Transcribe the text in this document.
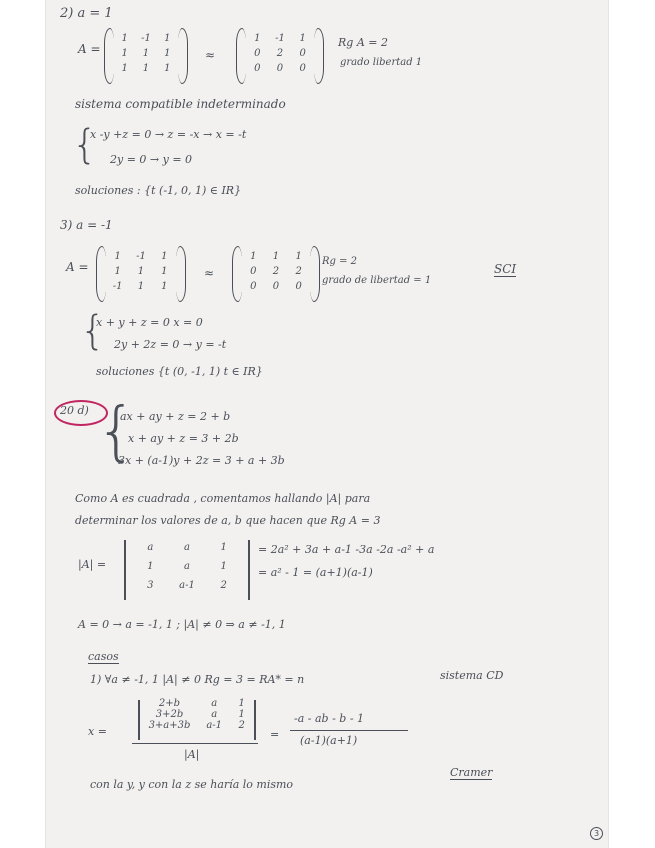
2) a = 1
A =
1	-1	1
1	1	1
1	1	1
≈
1	-1	1
0	2	0
0	0	0
Rg A = 2
grado libertad 1
sistema compatible indeterminado
{
x -y +z = 0 → z = -x → x = -t
2y = 0 → y = 0
soluciones : {t (-1, 0, 1) ∈ IR}
3) a = -1
A =
1	-1	1
1	1	1
-1	1	1
≈
1	1	1
0	2	2
0	0	0
Rg = 2
grado de libertad = 1
SCI
{
x + y + z = 0 x = 0
2y + 2z = 0 → y = -t
soluciones {t (0, -1, 1) t ∈ IR}
20 d) {
ax + ay + z = 2 + b
x + ay + z = 3 + 2b
3x + (a-1)y + 2z = 3 + a + 3b
Como A es cuadrada , comentamos hallando |A| para
determinar los valores de a, b que hacen que Rg A = 3
|A| =
a	a	1
1	a	1
3	a-1	2
= 2a² + 3a + a-1 -3a -2a -a² + a
= a² - 1 = (a+1)(a-1)
A = 0 → a = -1, 1 ; |A| ≠ 0 ⇒ a ≠ -1, 1
casos
1) ∀a ≠ -1, 1 |A| ≠ 0 Rg = 3 = RA* = n	sistema CD
x =
2+b	a	1
3+2b	a	1
3+a+3b	a-1	2
|A|
=
-a - ab - b - 1
(a-1)(a+1)
con la y, y con la z se haría lo mismo
Cramer
3
